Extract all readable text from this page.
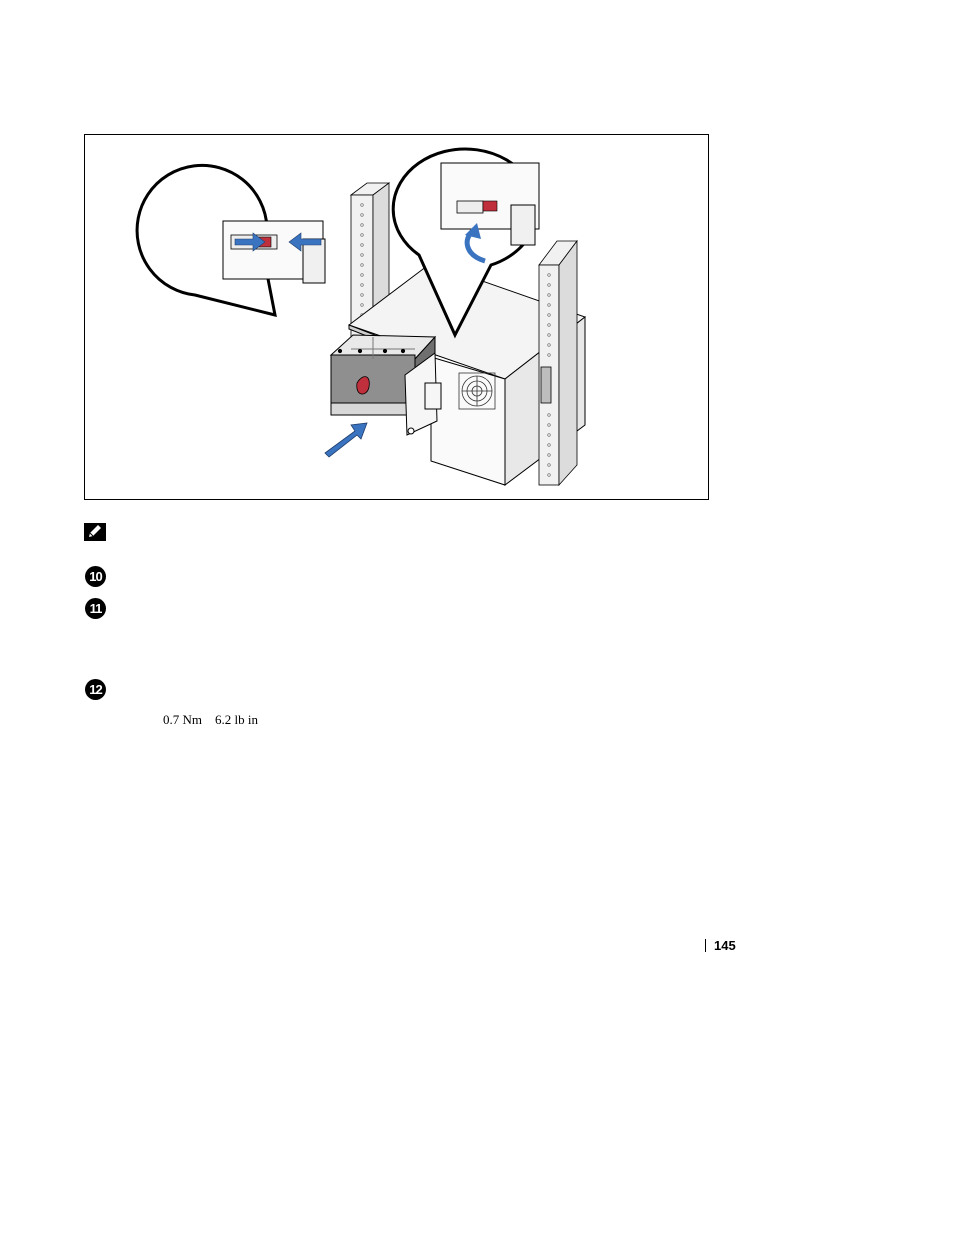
10
11
12
0.7 Nm 6.2 lb in
145
